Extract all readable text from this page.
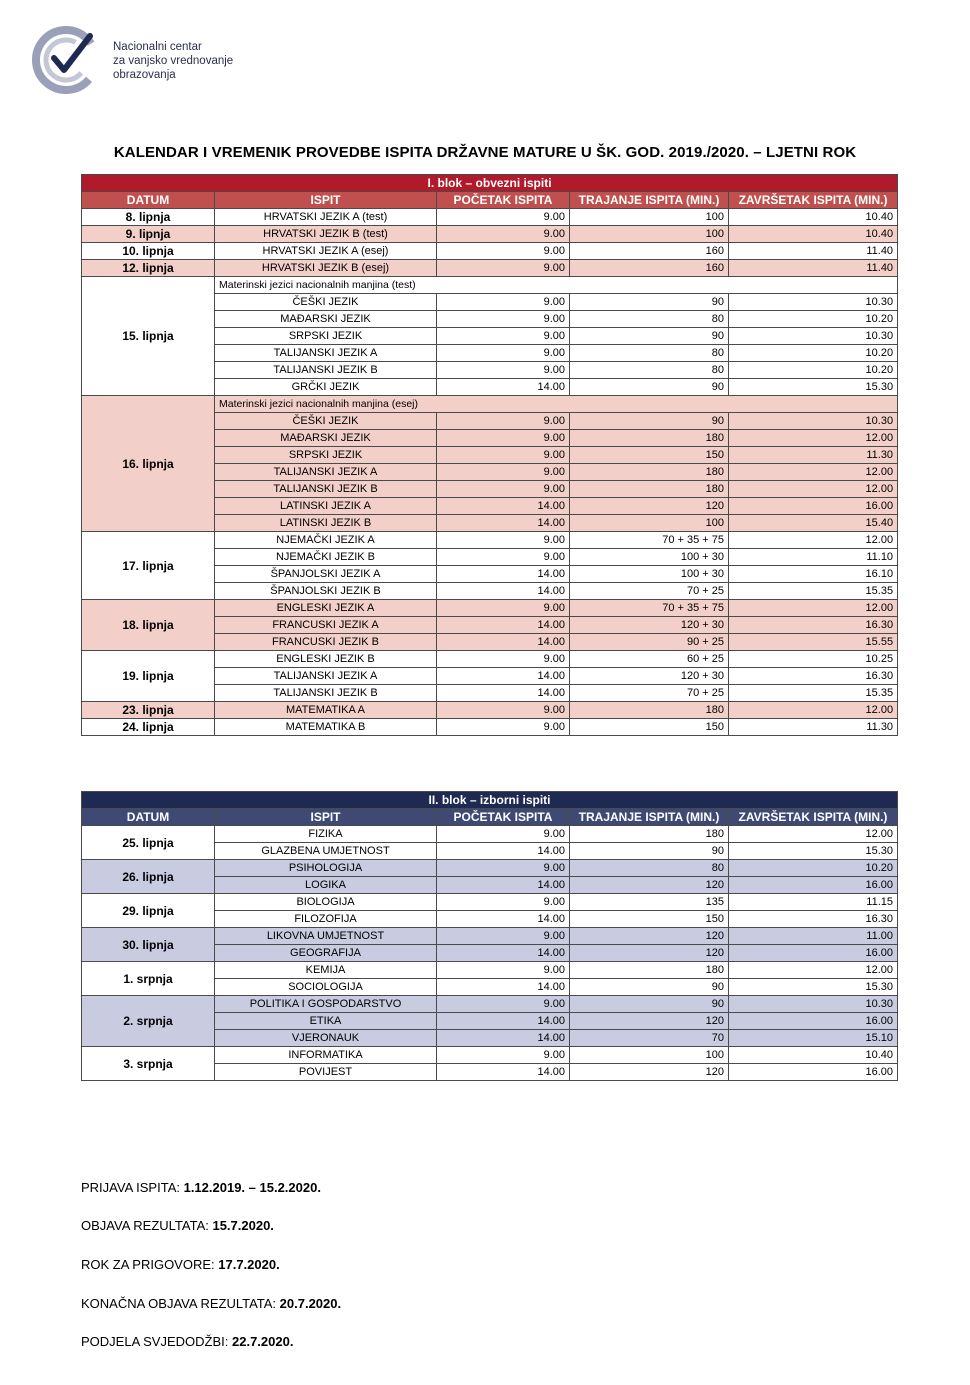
Nacionalni centar
za vanjsko vrednovanje
obrazovanja
KALENDAR I VREMENIK PROVEDBE ISPITA DRŽAVNE MATURE U ŠK. GOD. 2019./2020. – LJETNI ROK
I. blok – obvezni ispiti				
DATUM	ISPIT	POČETAK ISPITA	TRAJANJE ISPITA (MIN.)	ZAVRŠETAK ISPITA (MIN.)
8. lipnja	HRVATSKI JEZIK A (test)	9.00	100	10.40
9. lipnja	HRVATSKI JEZIK B (test)	9.00	100	10.40
10. lipnja	HRVATSKI JEZIK A (esej)	9.00	160	11.40
12. lipnja	HRVATSKI JEZIK B (esej)	9.00	160	11.40
15. lipnja	Materinski jezici nacionalnih manjina (test)			
	ČEŠKI JEZIK	9.00	90	10.30
	MAĐARSKI JEZIK	9.00	80	10.20
	SRPSKI JEZIK	9.00	90	10.30
	TALIJANSKI JEZIK A	9.00	80	10.20
	TALIJANSKI JEZIK B	9.00	80	10.20
	GRČKI JEZIK	14.00	90	15.30
16. lipnja	Materinski jezici nacionalnih manjina (esej)			
	ČEŠKI JEZIK	9.00	90	10.30
	MAĐARSKI JEZIK	9.00	180	12.00
	SRPSKI JEZIK	9.00	150	11.30
	TALIJANSKI JEZIK A	9.00	180	12.00
	TALIJANSKI JEZIK B	9.00	180	12.00
	LATINSKI JEZIK A	14.00	120	16.00
	LATINSKI JEZIK B	14.00	100	15.40
17. lipnja	NJEMAČKI JEZIK A	9.00	70 + 35 + 75	12.00
	NJEMAČKI JEZIK B	9.00	100 + 30	11.10
	ŠPANJOLSKI JEZIK A	14.00	100 + 30	16.10
	ŠPANJOLSKI JEZIK B	14.00	70 + 25	15.35
18. lipnja	ENGLESKI JEZIK A	9.00	70 + 35 + 75	12.00
	FRANCUSKI JEZIK A	14.00	120 + 30	16.30
	FRANCUSKI JEZIK B	14.00	90 + 25	15.55
19. lipnja	ENGLESKI JEZIK B	9.00	60 + 25	10.25
	TALIJANSKI JEZIK A	14.00	120 + 30	16.30
	TALIJANSKI JEZIK B	14.00	70 + 25	15.35
23. lipnja	MATEMATIKA A	9.00	180	12.00
24. lipnja	MATEMATIKA B	9.00	150	11.30
II. blok – izborni ispiti				
DATUM	ISPIT	POČETAK ISPITA	TRAJANJE ISPITA (MIN.)	ZAVRŠETAK ISPITA (MIN.)
25. lipnja	FIZIKA	9.00	180	12.00
	GLAZBENA UMJETNOST	14.00	90	15.30
26. lipnja	PSIHOLOGIJA	9.00	80	10.20
	LOGIKA	14.00	120	16.00
29. lipnja	BIOLOGIJA	9.00	135	11.15
	FILOZOFIJA	14.00	150	16.30
30. lipnja	LIKOVNA UMJETNOST	9.00	120	11.00
	GEOGRAFIJA	14.00	120	16.00
1. srpnja	KEMIJA	9.00	180	12.00
	SOCIOLOGIJA	14.00	90	15.30
2. srpnja	POLITIKA I GOSPODARSTVO	9.00	90	10.30
	ETIKA	14.00	120	16.00
	VJERONAUK	14.00	70	15.10
3. srpnja	INFORMATIKA	9.00	100	10.40
	POVIJEST	14.00	120	16.00
PRIJAVA ISPITA: 1.12.2019. – 15.2.2020.
OBJAVA REZULTATA: 15.7.2020.
ROK ZA PRIGOVORE: 17.7.2020.
KONAČNA OBJAVA REZULTATA: 20.7.2020.
PODJELA SVJEDODŽBI: 22.7.2020.
